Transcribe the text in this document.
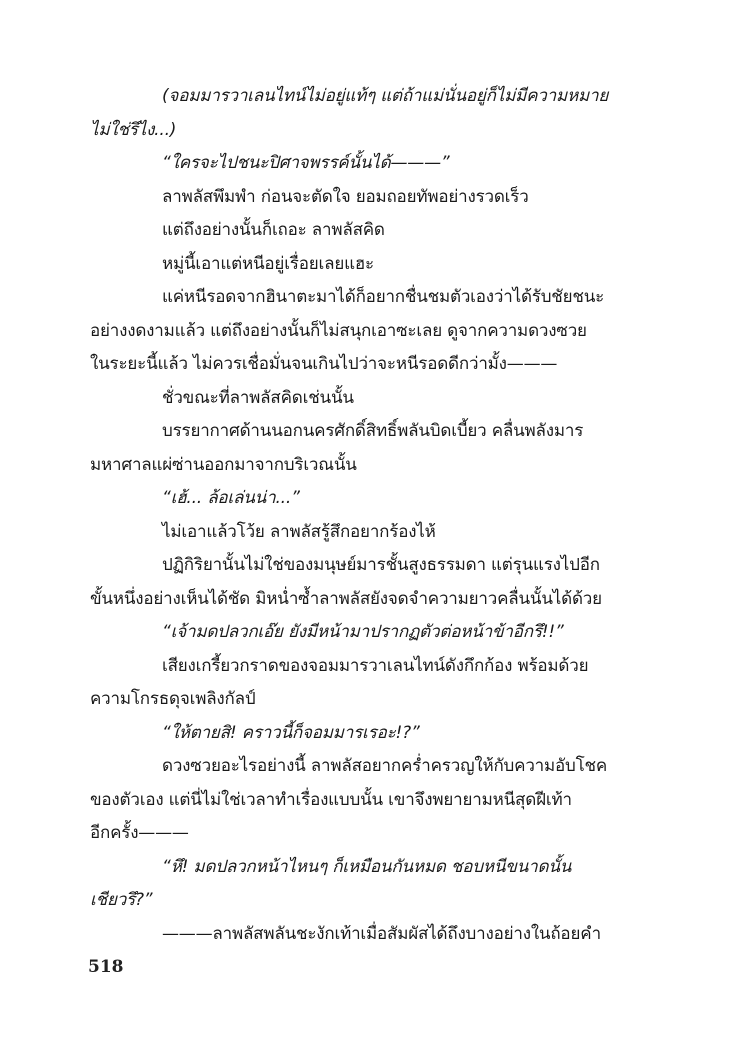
(จอมมารวาเลนไทน์ไม่อยู่แท้ๆ แต่ถ้าแม่นั่นอยู่ก็ไม่มีความหมาย
ไม่ใช่รึไง...)
“ใครจะไปชนะปิศาจพรรค์นั้นได้———”
ลาพลัสพึมพำ ก่อนจะตัดใจ ยอมถอยทัพอย่างรวดเร็ว
แต่ถึงอย่างนั้นก็เถอะ ลาพลัสคิด
หมู่นี้เอาแต่หนีอยู่เรื่อยเลยแฮะ
แค่หนีรอดจากฮินาตะมาได้ก็อยากชื่นชมตัวเองว่าได้รับชัยชนะ
อย่างงดงามแล้ว แต่ถึงอย่างนั้นก็ไม่สนุกเอาซะเลย ดูจากความดวงซวย
ในระยะนี้แล้ว ไม่ควรเชื่อมั่นจนเกินไปว่าจะหนีรอดดีกว่ามั้ง———
ชั่วขณะที่ลาพลัสคิดเช่นนั้น
บรรยากาศด้านนอกนครศักดิ์สิทธิ์พลันบิดเบี้ยว คลื่นพลังมาร
มหาศาลแผ่ซ่านออกมาจากบริเวณนั้น
“เฮ้... ล้อเล่นน่า...”
ไม่เอาแล้วโว้ย ลาพลัสรู้สึกอยากร้องไห้
ปฏิกิริยานั้นไม่ใช่ของมนุษย์มารชั้นสูงธรรมดา แต่รุนแรงไปอีก
ขั้นหนึ่งอย่างเห็นได้ชัด มิหน่ำซ้ำลาพลัสยังจดจำความยาวคลื่นนั้นได้ด้วย
“เจ้ามดปลวกเอ๊ย ยังมีหน้ามาปรากฏตัวต่อหน้าข้าอีกรึ!!”
เสียงเกรี้ยวกราดของจอมมารวาเลนไทน์ดังกึกก้อง พร้อมด้วย
ความโกรธดุจเพลิงกัลป์
“ให้ตายสิ! คราวนี้ก็จอมมารเรอะ!?”
ดวงซวยอะไรอย่างนี้ ลาพลัสอยากคร่ำครวญให้กับความอับโชค
ของตัวเอง แต่นี่ไม่ใช่เวลาทำเรื่องแบบนั้น เขาจึงพยายามหนีสุดฝีเท้า
อีกครั้ง———
“หึ! มดปลวกหน้าไหนๆ ก็เหมือนกันหมด ชอบหนีขนาดนั้น
เชียวรึ?”
———ลาพลัสพลันชะงักเท้าเมื่อสัมผัสได้ถึงบางอย่างในถ้อยคำ
518
